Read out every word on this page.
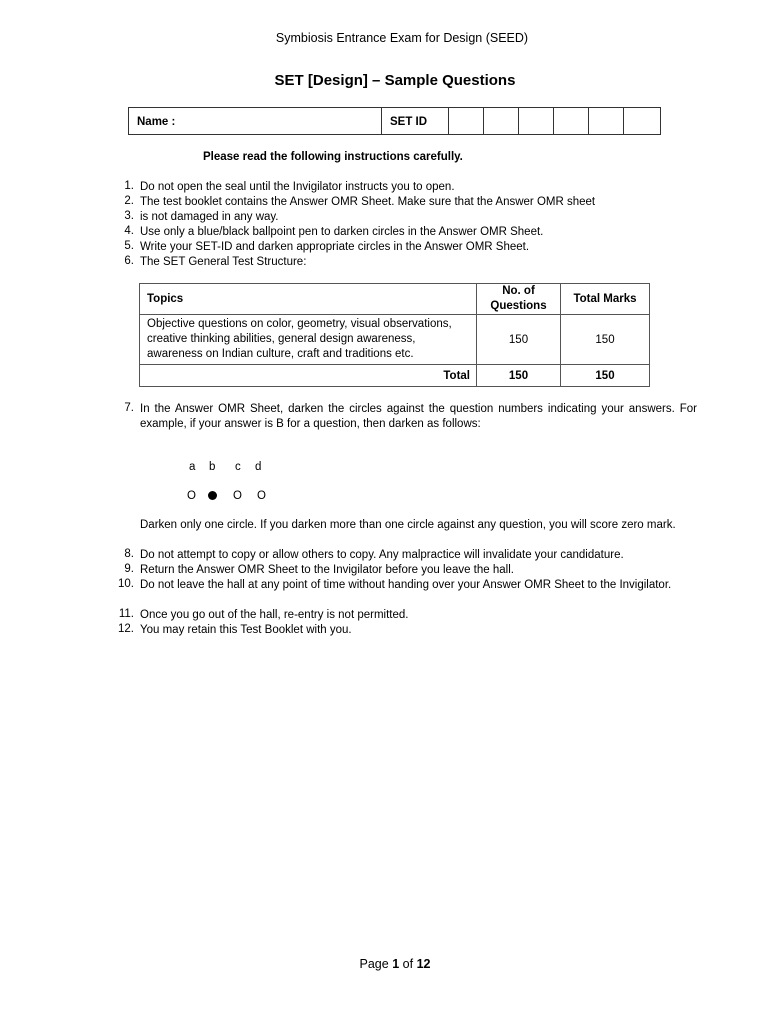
Symbiosis Entrance Exam for Design (SEED)
SET [Design] – Sample Questions
Name :	SET ID
Please read the following instructions carefully.
1. Do not open the seal until the Invigilator instructs you to open.
2. The test booklet contains the Answer OMR Sheet. Make sure that the Answer OMR sheet
3. is not damaged in any way.
4. Use only a blue/black ballpoint pen to darken circles in the Answer OMR Sheet.
5. Write your SET-ID and darken appropriate circles in the Answer OMR Sheet.
6. The SET General Test Structure:
Topics	No. of Questions	Total Marks
Objective questions on color, geometry, visual observations, creative thinking abilities, general design awareness, awareness on Indian culture, craft and traditions etc.	150	150
Total	150	150
7. In the Answer OMR Sheet, darken the circles against the question numbers indicating your answers. For example, if your answer is B for a question, then darken as follows:
a b c d
O	O O
Darken only one circle. If you darken more than one circle against any question, you will score zero mark.
8. Do not attempt to copy or allow others to copy. Any malpractice will invalidate your candidature.
9. Return the Answer OMR Sheet to the Invigilator before you leave the hall.
10. Do not leave the hall at any point of time without handing over your Answer OMR Sheet to the Invigilator.
11. Once you go out of the hall, re-entry is not permitted.
12. You may retain this Test Booklet with you.
Page 1 of 12
